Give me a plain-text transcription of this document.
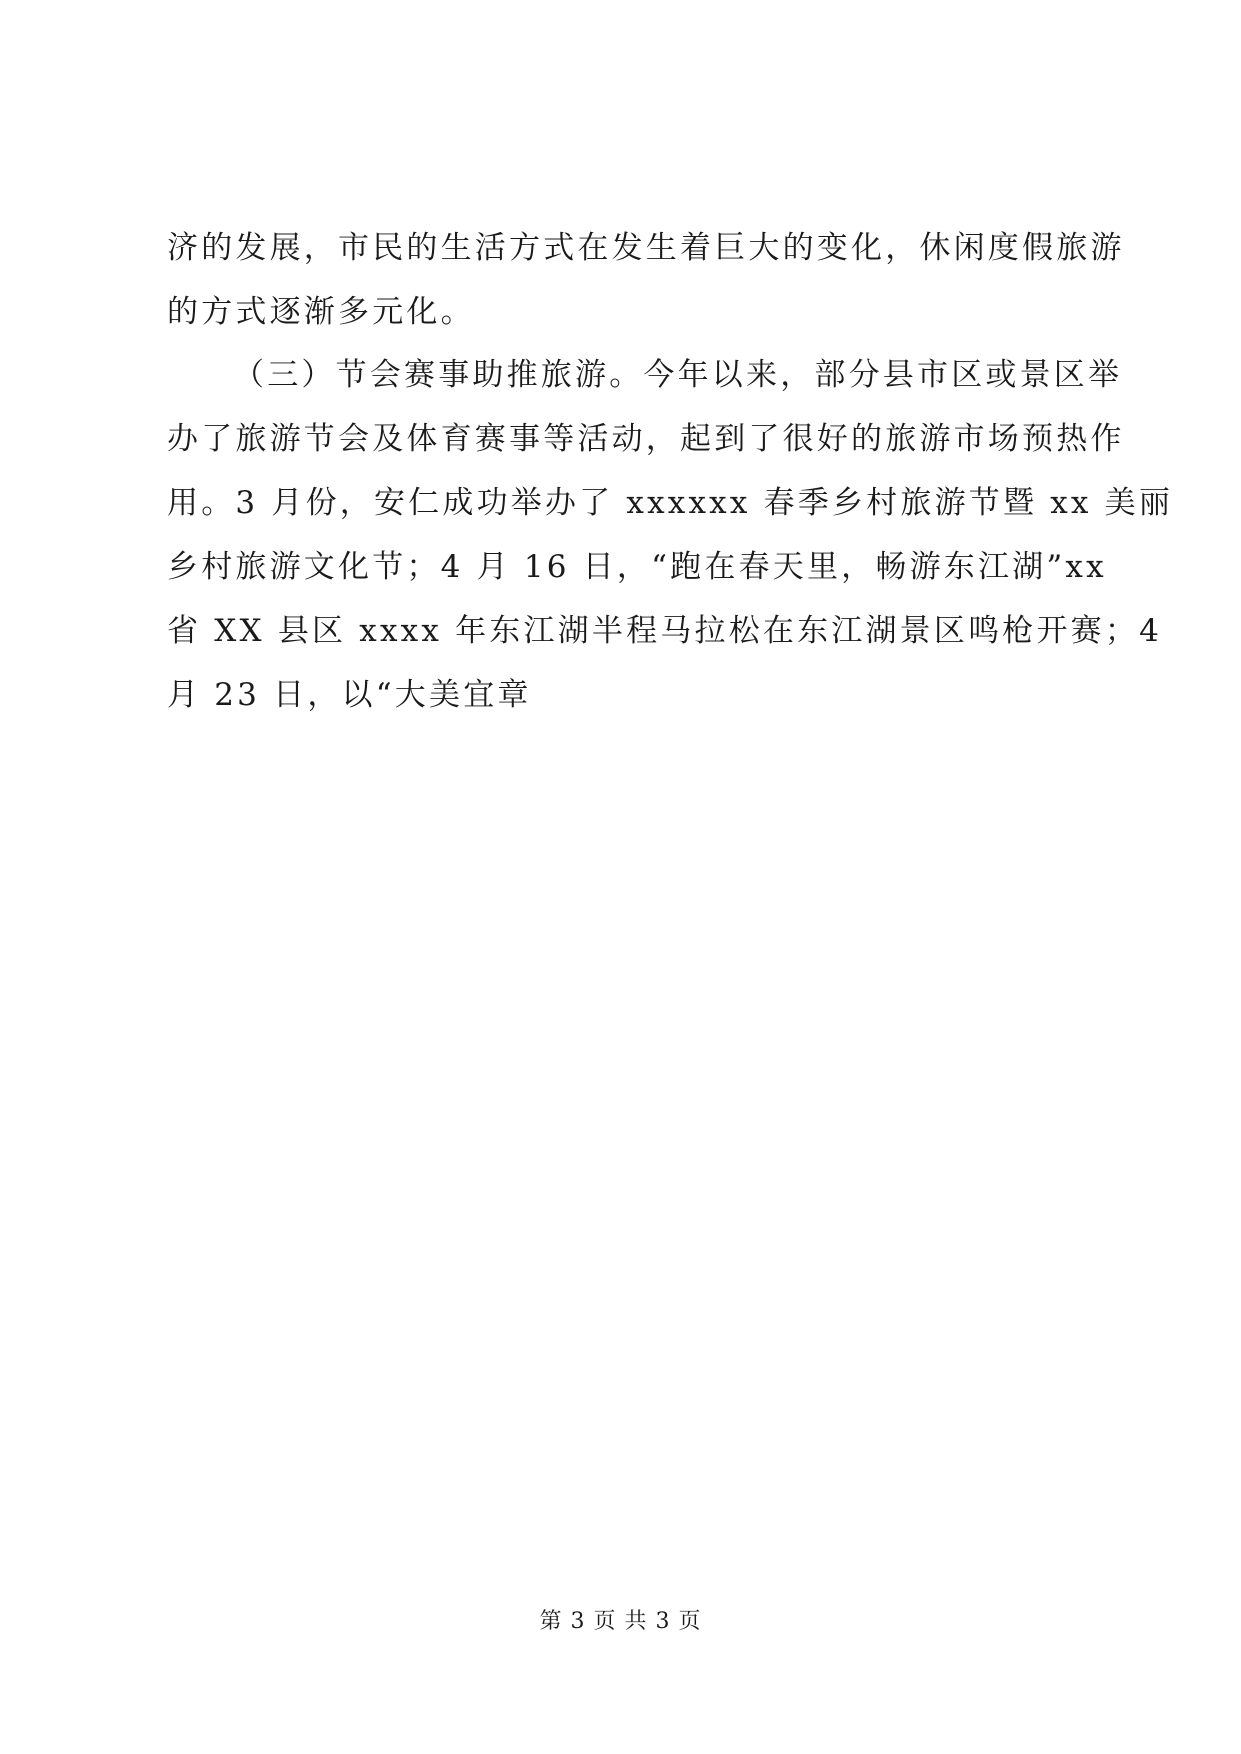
济的发展，市民的生活方式在发生着巨大的变化，休闲度假旅游
的方式逐渐多元化。
（三）节会赛事助推旅游。今年以来，部分县市区或景区举
办了旅游节会及体育赛事等活动，起到了很好的旅游市场预热作
用。3 月份，安仁成功举办了 xxxxxx 春季乡村旅游节暨 xx 美丽
乡村旅游文化节；4 月 16 日，“跑在春天里，畅游东江湖”xx
省 XX 县区 xxxx 年东江湖半程马拉松在东江湖景区鸣枪开赛；4
月 23 日，以“大美宜章
第 3 页 共 3 页
